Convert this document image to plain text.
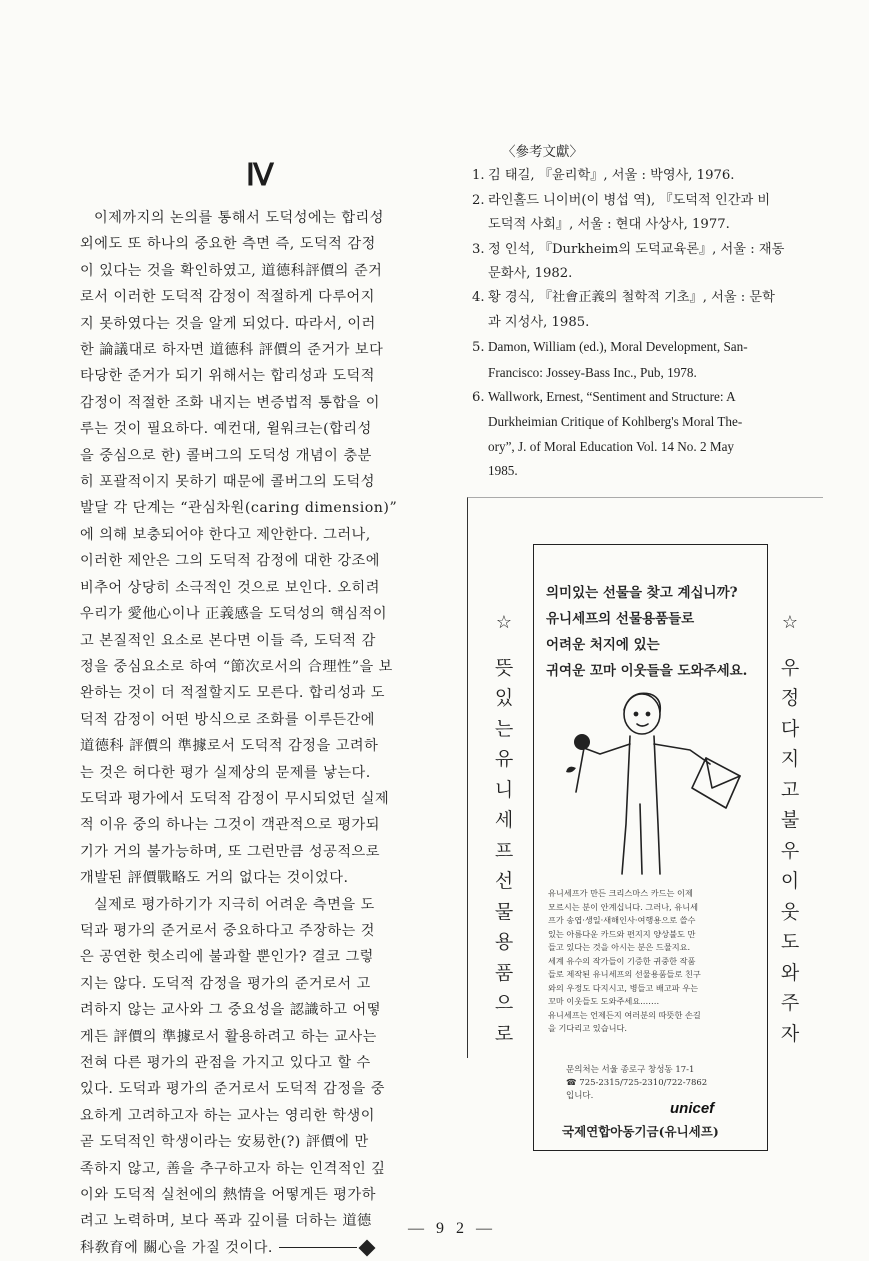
Ⅳ

이제까지의 논의를 통해서 도덕성에는 합리성
외에도 또 하나의 중요한 측면 즉, 도덕적 감정
이 있다는 것을 확인하였고, 道德科評價의 준거
로서 이러한 도덕적 감정이 적절하게 다루어지
지 못하였다는 것을 알게 되었다. 따라서, 이러
한 論議대로 하자면 道德科 評價의 준거가 보다
타당한 준거가 되기 위해서는 합리성과 도덕적
감정이 적절한 조화 내지는 변증법적 통합을 이
루는 것이 필요하다. 예컨대, 윌워크는(합리성
을 중심으로 한) 콜버그의 도덕성 개념이 충분
히 포괄적이지 못하기 때문에 콜버그의 도덕성
발달 각 단계는 “관심차원(caring dimension)”
에 의해 보충되어야 한다고 제안한다. 그러나,
이러한 제안은 그의 도덕적 감정에 대한 강조에
비추어 상당히 소극적인 것으로 보인다. 오히려
우리가 愛他心이나 正義感을 도덕성의 핵심적이
고 본질적인 요소로 본다면 이들 즉, 도덕적 감
정을 중심요소로 하여 “節次로서의 合理性”을 보
완하는 것이 더 적절할지도 모른다. 합리성과 도
덕적 감정이 어떤 방식으로 조화를 이루든간에
道德科 評價의 準據로서 도덕적 감정을 고려하
는 것은 허다한 평가 실제상의 문제를 낳는다.
도덕과 평가에서 도덕적 감정이 무시되었던 실제
적 이유 중의 하나는 그것이 객관적으로 평가되
기가 거의 불가능하며, 또 그런만큼 성공적으로
개발된 評價戰略도 거의 없다는 것이었다.

실제로 평가하기가 지극히 어려운 측면을 도
덕과 평가의 준거로서 중요하다고 주장하는 것
은 공연한 헛소리에 불과할 뿐인가? 결코 그렇
지는 않다. 도덕적 감정을 평가의 준거로서 고
려하지 않는 교사와 그 중요성을 認識하고 어떻
게든 評價의 準據로서 활용하려고 하는 교사는
전혀 다른 평가의 관점을 가지고 있다고 할 수
있다. 도덕과 평가의 준거로서 도덕적 감정을 중
요하게 고려하고자 하는 교사는 영리한 학생이
곧 도덕적인 학생이라는 安易한(?) 評價에 만
족하지 않고, 善을 추구하고자 하는 인격적인 깊
이와 도덕적 실천에의 熱情을 어떻게든 평가하
려고 노력하며, 보다 폭과 깊이를 더하는 道德
科敎育에 關心을 가질 것이다.

〈參考文獻〉
1. 김 태길, 『윤리학』, 서울 : 박영사, 1976.
2. 라인홀드 니이버(이 병섭 역), 『도덕적 인간과 비
도덕적 사회』, 서울 : 현대 사상사, 1977.
3. 정 인석, 『Durkheim의 도덕교육론』, 서울 : 재동
문화사, 1982.
4. 황 경식, 『社會正義의 철학적 기초』, 서울 : 문학
과 지성사, 1985.
5. Damon, William (ed.), Moral Development, San-
Francisco: Jossey-Bass Inc., Pub, 1978.
6. Wallwork, Ernest, “Sentiment and Structure: A
Durkheimian Critique of Kohlberg's Moral The-
ory”, J. of Moral Education Vol. 14 No. 2 May
1985.
☆
뜻
있
는
유
니
세
프
선
물
용
품
으
로
☆
우
정
다
지
고
불
우
이
웃
도
와
주
자
의미있는 선물을 찾고 계십니까?
유니세프의 선물용품들로
어려운 처지에 있는
귀여운 꼬마 이웃들을 도와주세요.
유니세프가 만든 크리스마스 카드는 이제
모르시는 분이 안계십니다. 그러나, 유니세
프가 송엽·생일·새해인사·여행용으로 쓸수
있는 아름다운 카드와 편지지 양상불도 만
들고 있다는 것을 아시는 분은 드물지요.
세계 유수의 작가들이 기증한 귀중한 작품
들로 제작된 유니세프의 선물용품들로 친구
와의 우정도 다지시고, 병들고 배고파 우는
꼬마 이웃들도 도와주세요.……
유니세프는 언제든지 여러분의 따뜻한 손길
을 기다리고 있습니다.
문의처는 서울 종로구 창성동 17-1
☎ 725-2315/725-2310/722-7862
입니다.
unicef
국제연합아동기금(유니세프)
— 9 2 —
